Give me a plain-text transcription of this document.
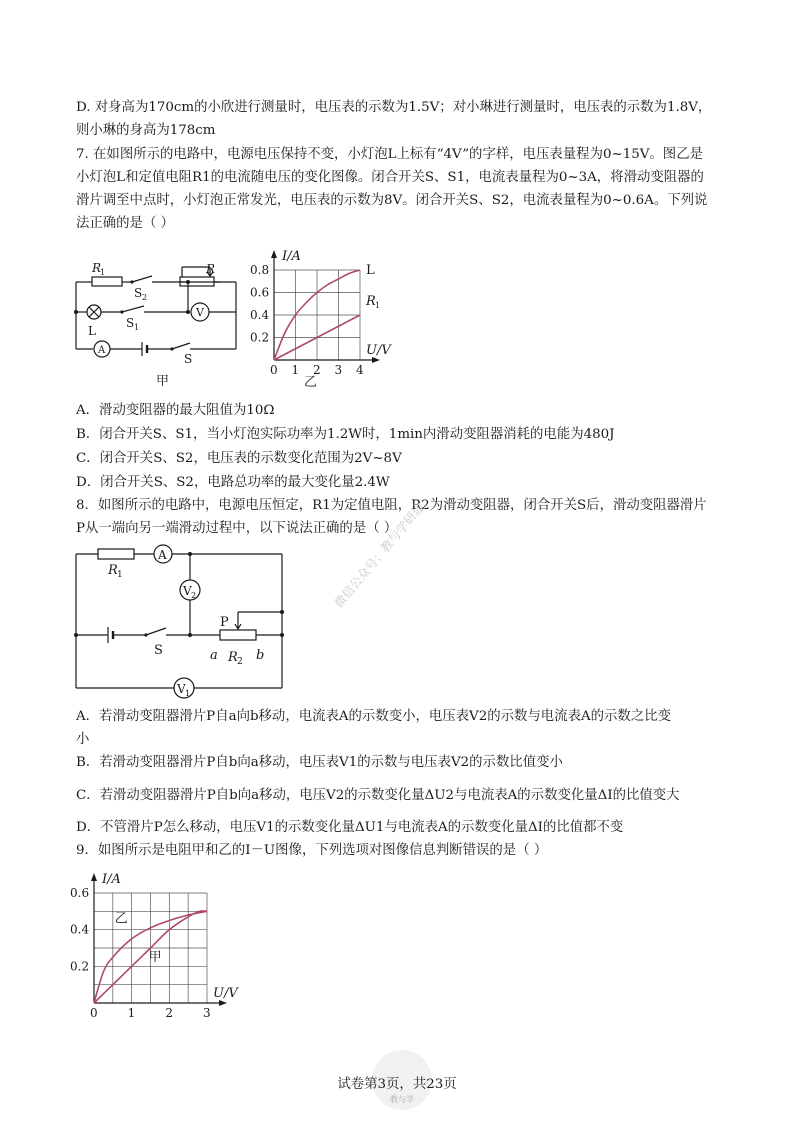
D. 对身高为170cm的小欣进行测量时，电压表的示数为1.5V；对小琳进行测量时，电压表的示数为1.8V，

则小琳的身高为178cm

7. 在如图所示的电路中，电源电压保持不变，小灯泡L上标有“4V”的字样，电压表量程为0~15V。图乙是

小灯泡L和定值电阻R1的电流随电压的变化图像。闭合开关S、S1，电流表量程为0~3A，将滑动变阻器的

滑片调至中点时，小灯泡正常发光，电压表的示数为8V。闭合开关S、S2，电流表量程为0~0.6A。下列说

法正确的是（ ）

R
1	R
S 2
S 1
L
V
A
S
甲
0 1 2 3 4
0.2
0.4
0.6
0.8
I/A
U/V
L
R 1
乙

A．滑动变阻器的最大阻值为10Ω

B．闭合开关S、S1，当小灯泡实际功率为1.2W时，1min内滑动变阻器消耗的电能为480J

C．闭合开关S、S2，电压表的示数变化范围为2V~8V

D．闭合开关S、S2，电路总功率的最大变化量2.4W

8．如图所示的电路中，电源电压恒定，R1为定值电阻，R2为滑动变阻器，闭合开关S后，滑动变阻器滑片

P从一端向另一端滑动过程中，以下说法正确的是（ ）

R 1
A
V 2
P
S	a R 2 b
V 1

A．若滑动变阻器滑片P自a向b移动，电流表A的示数变小，电压表V2的示数与电流表A的示数之比变

小

B．若滑动变阻器滑片P自b向a移动，电压表V1的示数与电压表V2的示数比值变小

C．若滑动变阻器滑片P自b向a移动，电压V2的示数变化量ΔU2与电流表A的示数变化量ΔI的比值变大

D．不管滑片P怎么移动，电压V1的示数变化量ΔU1与电流表A的示数变化量ΔI的比值都不变

9．如图所示是电阻甲和乙的I－U图像，下列选项对图像信息判断错误的是（ ）

0	1	2	3
0.2
0.4
0.6
I/A
U/V
乙
甲
微信公众号：教与学研途
试卷第3页，共23页
教与学
